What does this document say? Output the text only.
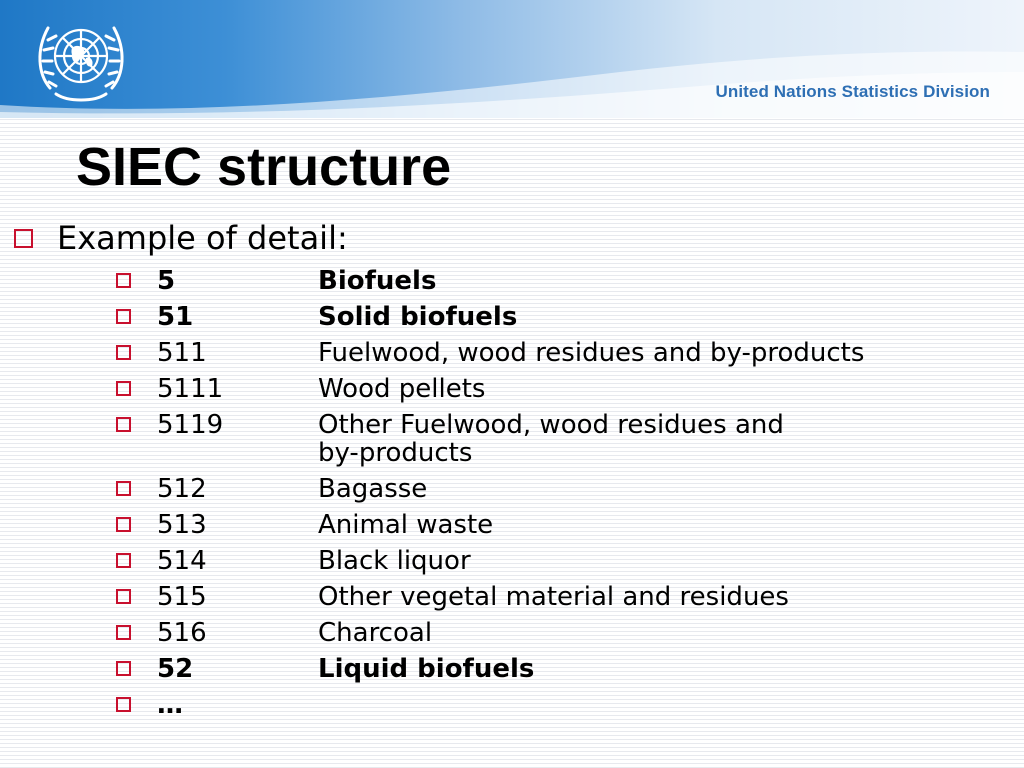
United Nations Statistics Division
SIEC structure
Example of detail:
5	Biofuels
51	Solid biofuels
511	Fuelwood, wood residues and by-products
5111	Wood pellets
5119	Other Fuelwood, wood residues and
by-products
512	Bagasse
513	Animal waste
514	Black liquor
515	Other vegetal material and residues
516	Charcoal
52	Liquid biofuels
…
